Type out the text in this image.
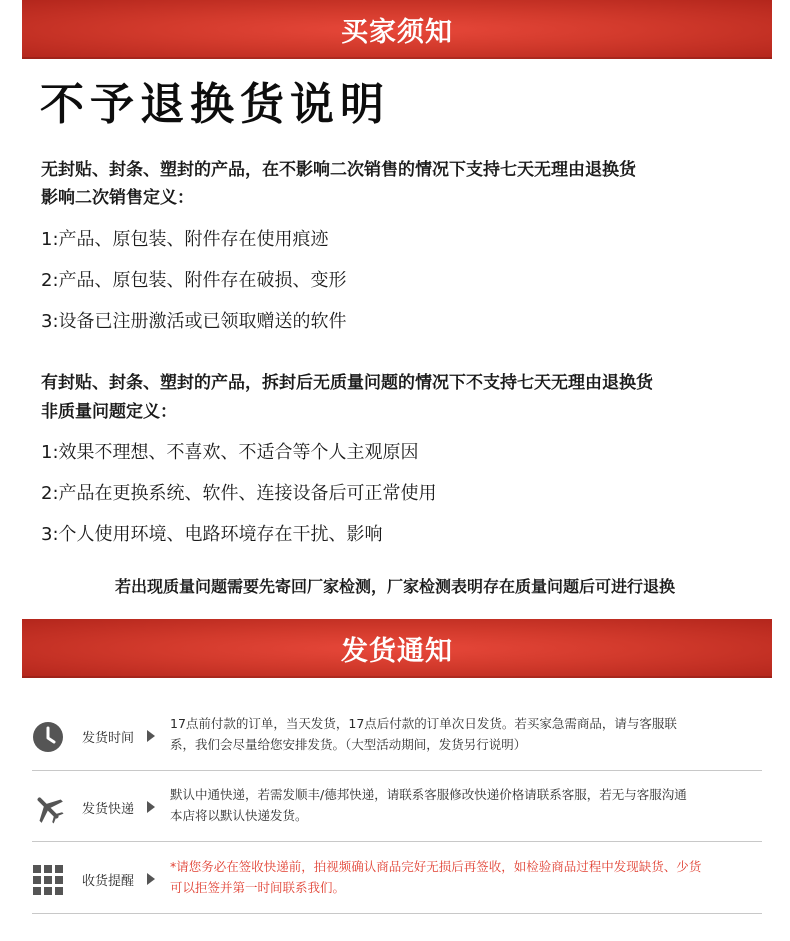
买家须知
不予退换货说明
无封贴、封条、塑封的产品，在不影响二次销售的情况下支持七天无理由退换货
影响二次销售定义：
1:产品、原包装、附件存在使用痕迹
2:产品、原包装、附件存在破损、变形
3:设备已注册激活或已领取赠送的软件
有封贴、封条、塑封的产品，拆封后无质量问题的情况下不支持七天无理由退换货
非质量问题定义：
1:效果不理想、不喜欢、不适合等个人主观原因
2:产品在更换系统、软件、连接设备后可正常使用
3:个人使用环境、电路环境存在干扰、影响
若出现质量问题需要先寄回厂家检测，厂家检测表明存在质量问题后可进行退换
发货通知
发货时间
17点前付款的订单，当天发货，17点后付款的订单次日发货。若买家急需商品，请与客服联
系，我们会尽量给您安排发货。（大型活动期间，发货另行说明）
发货快递
默认中通快递，若需发顺丰/德邦快递，请联系客服修改快递价格请联系客服，若无与客服沟通
本店将以默认快递发货。
收货提醒
*请您务必在签收快递前，拍视频确认商品完好无损后再签收，如检验商品过程中发现缺货、少货
可以拒签并第一时间联系我们。
